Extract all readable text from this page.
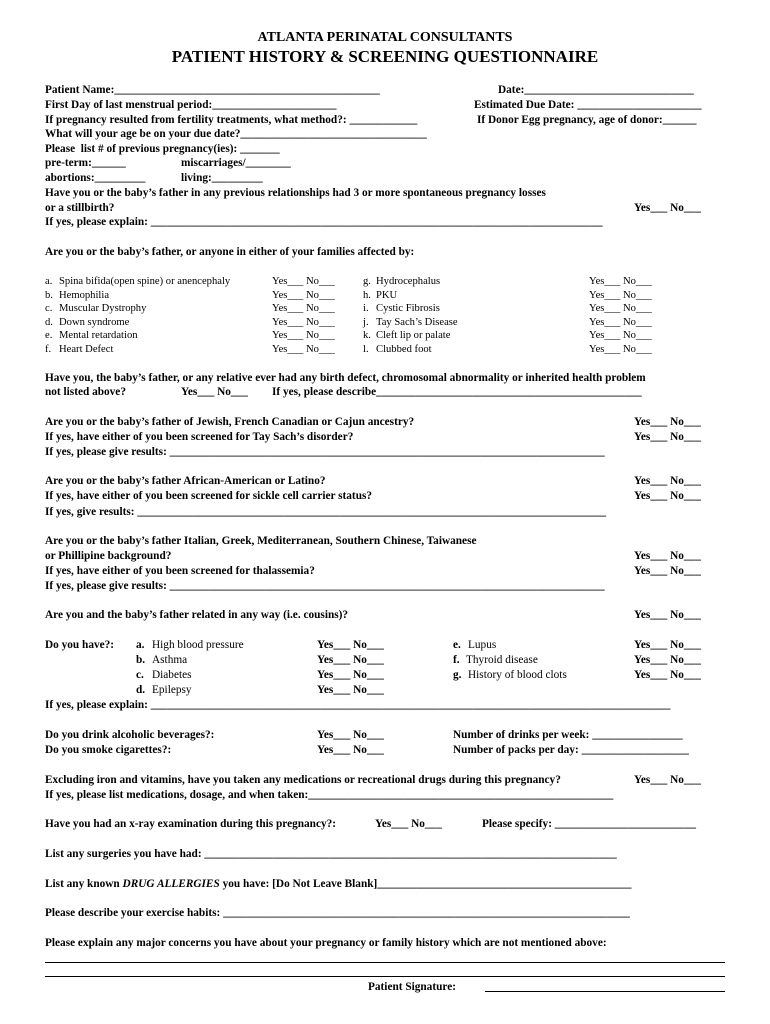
ATLANTA PERINATAL CONSULTANTS
PATIENT HISTORY & SCREENING QUESTIONNAIRE
Patient Name:_______________________________________________	Date:______________________________
First Day of last menstrual period:______________________	Estimated Due Date: ______________________
If pregnancy resulted from fertility treatments, what method?: ____________	If Donor Egg pregnancy, age of donor:______
What will your age be on your due date?_________________________________
Please  list # of previous pregnancy(ies): _______
pre-term:______	miscarriages/________
abortions:_________	living:_________
Have you or the baby’s father in any previous relationships had 3 or more spontaneous pregnancy losses
or a stillbirth?	Yes___ No___
If yes, please explain: ________________________________________________________________________________
Are you or the baby’s father, or anyone in either of your families affected by:
a. Spina bifida(open spine) or anencephaly	Yes___ No___
b. Hemophilia	Yes___ No___
c. Muscular Dystrophy	Yes___ No___
d. Down syndrome	Yes___ No___
e. Mental retardation	Yes___ No___
f. Heart Defect	Yes___ No___
g. Hydrocephalus	Yes___ No___
h. PKU	Yes___ No___
i. Cystic Fibrosis	Yes___ No___
j. Tay Sach’s Disease	Yes___ No___
k. Cleft lip or palate	Yes___ No___
l. Clubbed foot	Yes___ No___
Have you, the baby’s father, or any relative ever had any birth defect, chromosomal abnormality or inherited health problem
not listed above?	Yes___ No___ If yes, please describe_______________________________________________
Are you or the baby’s father of Jewish, French Canadian or Cajun ancestry?	Yes___ No___
If yes, have either of you been screened for Tay Sach’s disorder?	Yes___ No___
If yes, please give results: _____________________________________________________________________________
Are you or the baby’s father African-American or Latino?	Yes___ No___
If yes, have either of you been screened for sickle cell carrier status?	Yes___ No___
If yes, give results: ___________________________________________________________________________________
Are you or the baby’s father Italian, Greek, Mediterranean, Southern Chinese, Taiwanese
or Phillipine background?	Yes___ No___
If yes, have either of you been screened for thalassemia?	Yes___ No___
If yes, please give results: _____________________________________________________________________________
Are you and the baby’s father related in any way (i.e. cousins)?	Yes___ No___
Do you have?: a. High blood pressure	Yes___ No___
b. Asthma	Yes___ No___
c. Diabetes	Yes___ No___
d. Epilepsy	Yes___ No___
e. Lupus	Yes___ No___
f. Thyroid disease	Yes___ No___
g. History of blood clots	Yes___ No___
If yes, please explain: ____________________________________________________________________________________________
Do you drink alcoholic beverages?:	Yes___ No___	Number of drinks per week: ________________
Do you smoke cigarettes?:	Yes___ No___	Number of packs per day: ___________________
Excluding iron and vitamins, have you taken any medications or recreational drugs during this pregnancy?	Yes___ No___
If yes, please list medications, dosage, and when taken:______________________________________________________
Have you had an x-ray examination during this pregnancy?:	Yes___ No___	Please specify: _________________________
List any surgeries you have had: _________________________________________________________________________
List any known DRUG ALLERGIES you have: [Do Not Leave Blank]_____________________________________________
Please describe your exercise habits: ________________________________________________________________________
Please explain any major concerns you have about your pregnancy or family history which are not mentioned above:
Patient Signature:
